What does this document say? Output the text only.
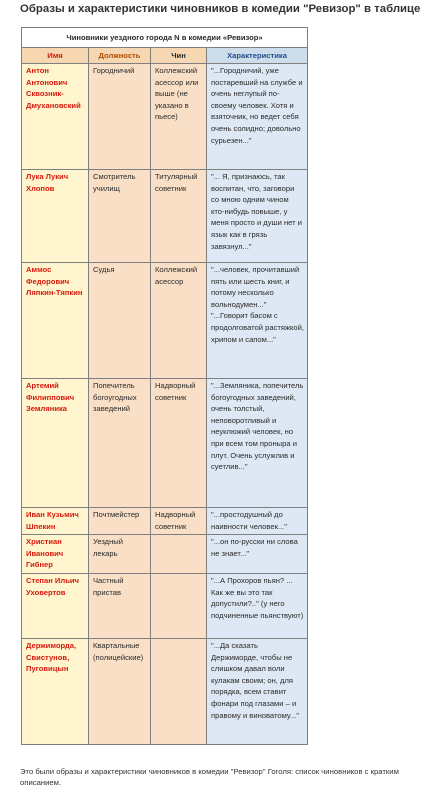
Образы и характеристики чиновников в комедии "Ревизор" в таблице
Чиновники уездного города N в комедии «Ревизор»			
Имя	Должность	Чин	Характеристика
Антон Антонович Сквозник-Дмухановский	Городничий	Коллежский асессор или выше (не указано в пьесе)	"...Городничий, уже постаревший на службе и очень неглупый по-своему человек. Хотя и взяточник, но ведет себя очень солидно; довольно сурьезен..."
Лука Лукич Хлопов	Смотритель училищ	Титулярный советник	"... Я, признаюсь, так воспитан, что, заговори со мною одним чином кто-нибудь повыше, у меня просто и души нет и язык как в грязь завязнул..."
Аммос Федорович Ляпкин-Тяпкин	Судья	Коллежский асессор	"...человек, прочитавший пять или шесть книг, и потому несколько вольнодумен..." "...Говорит басом с продолговатой растяжкой, хрипом и сапом..."
Артемий Филиппович Земляника	Попечитель богоугодных заведений	Надворный советник	"...Земляника, попечитель богоугодных заведений, очень толстый, неповоротливый и неуклюжий человек, но при всем том проныра и плут. Очень услужлив и суетлив..."
Иван Кузьмич Шпекин	Почтмейстер	Надворный советник	"...простодушный до наивности человек..."
Христиан Иванович Гибнер	Уездный лекарь		"...он по-русски ни слова не знает..."
Степан Ильич Уховертов	Частный пристав		"...А Прохоров пьян? ... Как же вы это так допустили?.." (у него подчиненные пьянствуют)
Держиморда, Свистунов, Пуговицын	Квартальные (полицейские)		"...Да сказать Держиморде, чтобы не слишком давал воли кулакам своим; он, для порядка, всем ставит фонари под глазами – и правому и виноватому..."
Это были образы и характеристики чиновников в комедии "Ревизор" Гоголя: список чиновников с кратким описанием.
